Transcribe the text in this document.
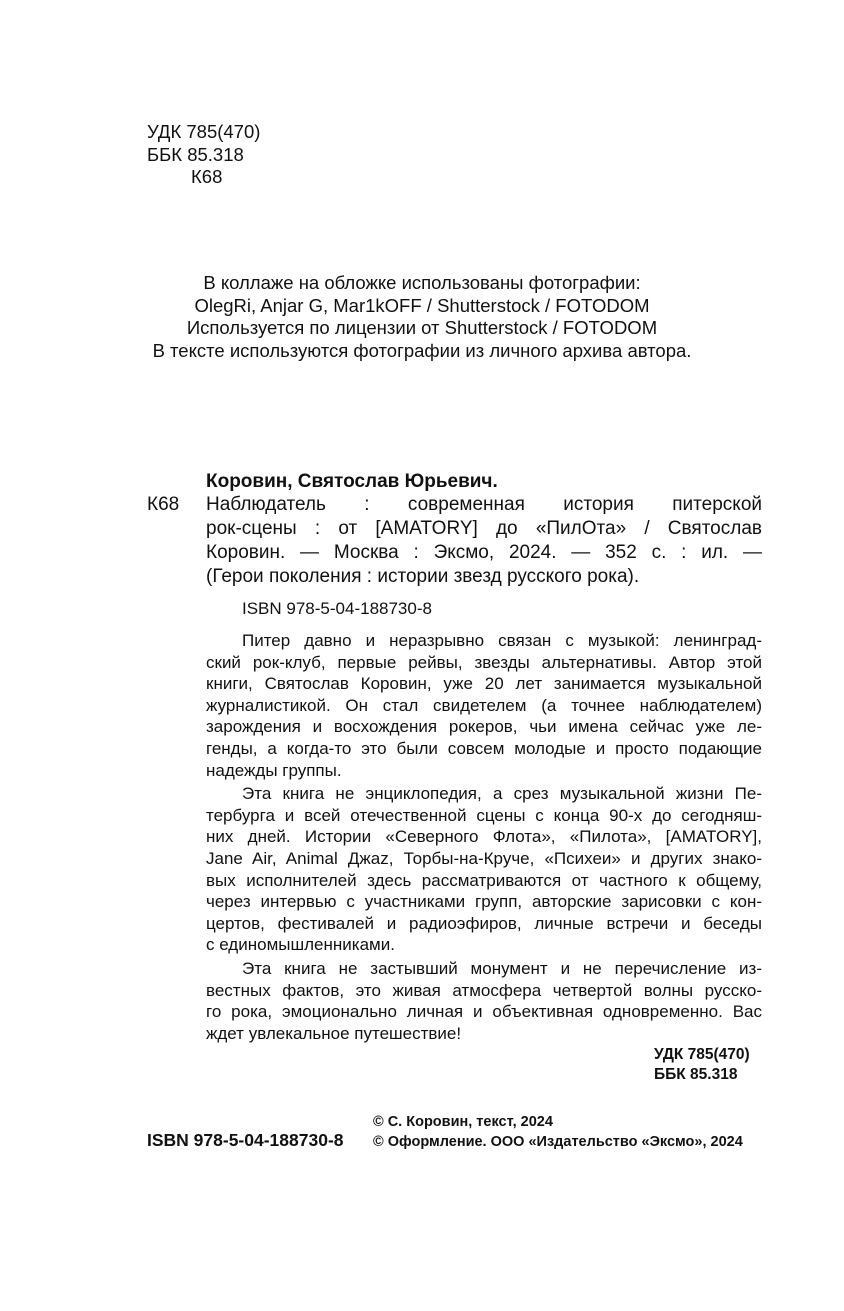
УДК 785(470)
ББК 85.318
К68
В коллаже на обложке использованы фотографии:
OlegRi, Anjar G, Mar1kOFF / Shutterstock / FOTODOM
Используется по лицензии от Shutterstock / FOTODOM
В тексте используются фотографии из личного архива автора.
Коровин, Святослав Юрьевич.
К68 Наблюдатель : современная история питерской
рок-сцены : от [AMATORY] до «ПилОта» / Святослав
Коровин. — Москва : Эксмо, 2024. — 352 с. : ил. —
(Герои поколения : истории звезд русского рока).
ISBN 978-5-04-188730-8

Питер давно и неразрывно связан с музыкой: ленинград-
ский рок-клуб, первые рейвы, звезды альтернативы. Автор этой
книги, Святослав Коровин, уже 20 лет занимается музыкальной
журналистикой. Он стал свидетелем (а точнее наблюдателем)
зарождения и восхождения рокеров, чьи имена сейчас уже ле-
генды, а когда-то это были совсем молодые и просто подающие
надежды группы.

Эта книга не энциклопедия, а срез музыкальной жизни Пе-
тербурга и всей отечественной сцены с конца 90-х до сегодняш-
них дней. Истории «Северного Флота», «Пилота», [AMATORY],
Jane Air, Animal Джаz, Торбы-на-Круче, «Психеи» и других знако-
вых исполнителей здесь рассматриваются от частного к общему,
через интервью с участниками групп, авторские зарисовки с кон-
цертов, фестивалей и радиоэфиров, личные встречи и беседы
с единомышленниками.

Эта книга не застывший монумент и не перечисление из-
вестных фактов, это живая атмосфера четвертой волны русско-
го рока, эмоционально личная и объективная одновременно. Вас
ждет увлекальное путешествие!

УДК 785(470)
ББК 85.318
ISBN 978-5-04-188730-8
© С. Коровин, текст, 2024
© Оформление. ООО «Издательство «Эксмо», 2024
